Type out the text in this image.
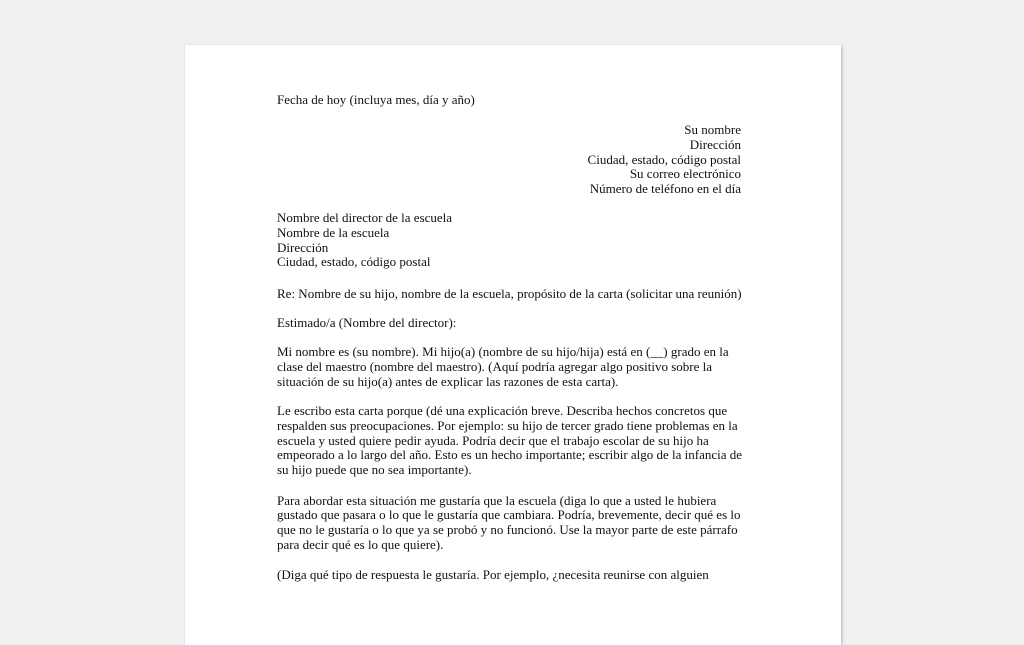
Fecha de hoy (incluya mes, día y año)
Su nombre
Dirección
Ciudad, estado, código postal
Su correo electrónico
Número de teléfono en el día
Nombre del director de la escuela
Nombre de la escuela
Dirección
Ciudad, estado, código postal
Re: Nombre de su hijo, nombre de la escuela, propósito de la carta (solicitar una reunión)
Estimado/a (Nombre del director):
Mi nombre es (su nombre). Mi hijo(a) (nombre de su hijo/hija) está en (__) grado en la
clase del maestro (nombre del maestro). (Aquí podría agregar algo positivo sobre la
situación de su hijo(a) antes de explicar las razones de esta carta).
Le escribo esta carta porque (dé una explicación breve. Describa hechos concretos que
respalden sus preocupaciones. Por ejemplo: su hijo de tercer grado tiene problemas en la
escuela y usted quiere pedir ayuda. Podría decir que el trabajo escolar de su hijo ha
empeorado a lo largo del año. Esto es un hecho importante; escribir algo de la infancia de
su hijo puede que no sea importante).
Para abordar esta situación me gustaría que la escuela (diga lo que a usted le hubiera
gustado que pasara o lo que le gustaría que cambiara. Podría, brevemente, decir qué es lo
que no le gustaría o lo que ya se probó y no funcionó. Use la mayor parte de este párrafo
para decir qué es lo que quiere).
(Diga qué tipo de respuesta le gustaría. Por ejemplo, ¿necesita reunirse con alguien
